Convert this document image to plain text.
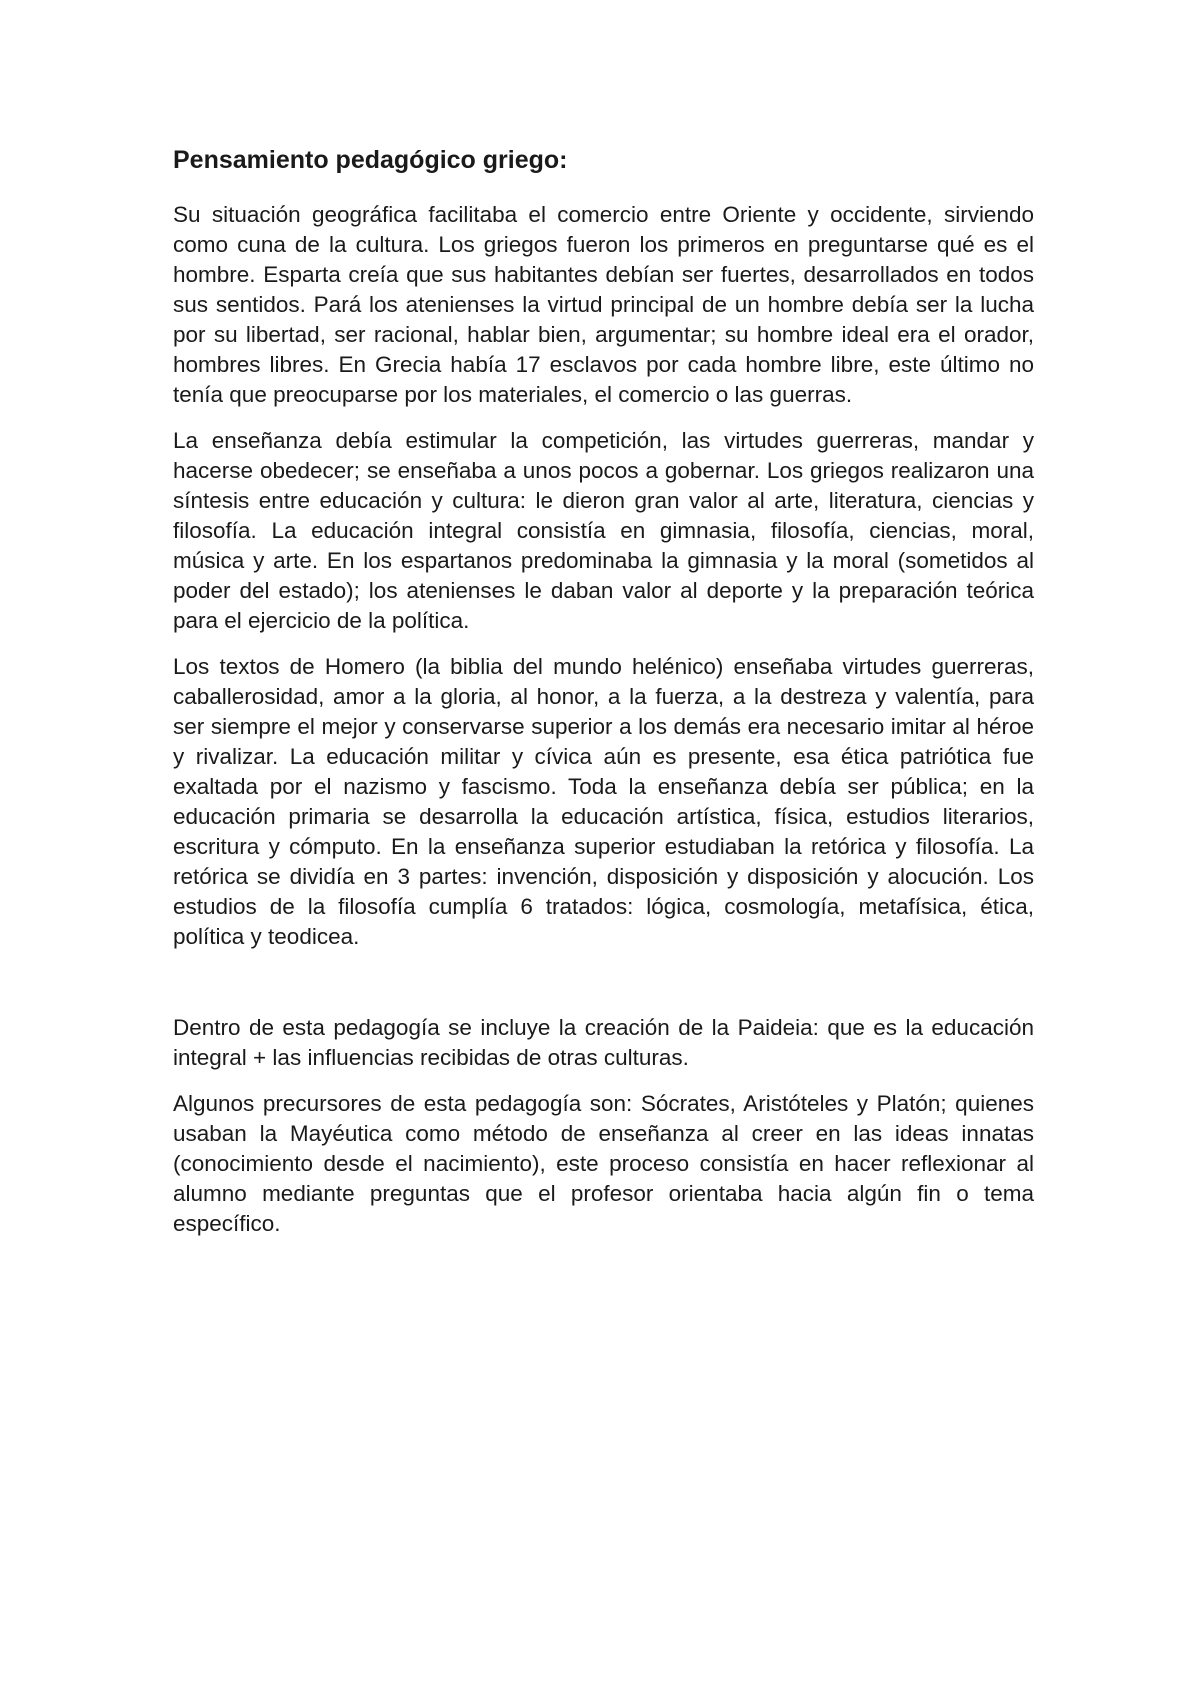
Pensamiento pedagógico griego:

Su situación geográfica facilitaba el comercio entre Oriente y occidente, sirviendo como cuna de la cultura. Los griegos fueron los primeros en preguntarse qué es el hombre. Esparta creía que sus habitantes debían ser fuertes, desarrollados en todos sus sentidos. Pará los atenienses la virtud principal de un hombre debía ser la lucha por su libertad, ser racional, hablar bien, argumentar; su hombre ideal era el orador, hombres libres. En Grecia había 17 esclavos por cada hombre libre, este último no tenía que preocuparse por los materiales, el comercio o las guerras.

La enseñanza debía estimular la competición, las virtudes guerreras, mandar y hacerse obedecer; se enseñaba a unos pocos a gobernar. Los griegos realizaron una síntesis entre educación y cultura: le dieron gran valor al arte, literatura, ciencias y filosofía. La educación integral consistía en gimnasia, filosofía, ciencias, moral, música y arte. En los espartanos predominaba la gimnasia y la moral (sometidos al poder del estado); los atenienses le daban valor al deporte y la preparación teórica para el ejercicio de la política.

Los textos de Homero (la biblia del mundo helénico) enseñaba virtudes guerreras, caballerosidad, amor a la gloria, al honor, a la fuerza, a la destreza y valentía, para ser siempre el mejor y conservarse superior a los demás era necesario imitar al héroe y rivalizar. La educación militar y cívica aún es presente, esa ética patriótica fue exaltada por el nazismo y fascismo. Toda la enseñanza debía ser pública; en la educación primaria se desarrolla la educación artística, física, estudios literarios, escritura y cómputo. En la enseñanza superior estudiaban la retórica y filosofía. La retórica se dividía en 3 partes: invención, disposición y disposición y alocución. Los estudios de la filosofía cumplía 6 tratados: lógica, cosmología, metafísica, ética, política y teodicea.

Dentro de esta pedagogía se incluye la creación de la Paideia: que es la educación integral + las influencias recibidas de otras culturas.

Algunos precursores de esta pedagogía son: Sócrates, Aristóteles y Platón; quienes usaban la Mayéutica como método de enseñanza al creer en las ideas innatas (conocimiento desde el nacimiento), este proceso consistía en hacer reflexionar al alumno mediante preguntas que el profesor orientaba hacia algún fin o tema específico.
